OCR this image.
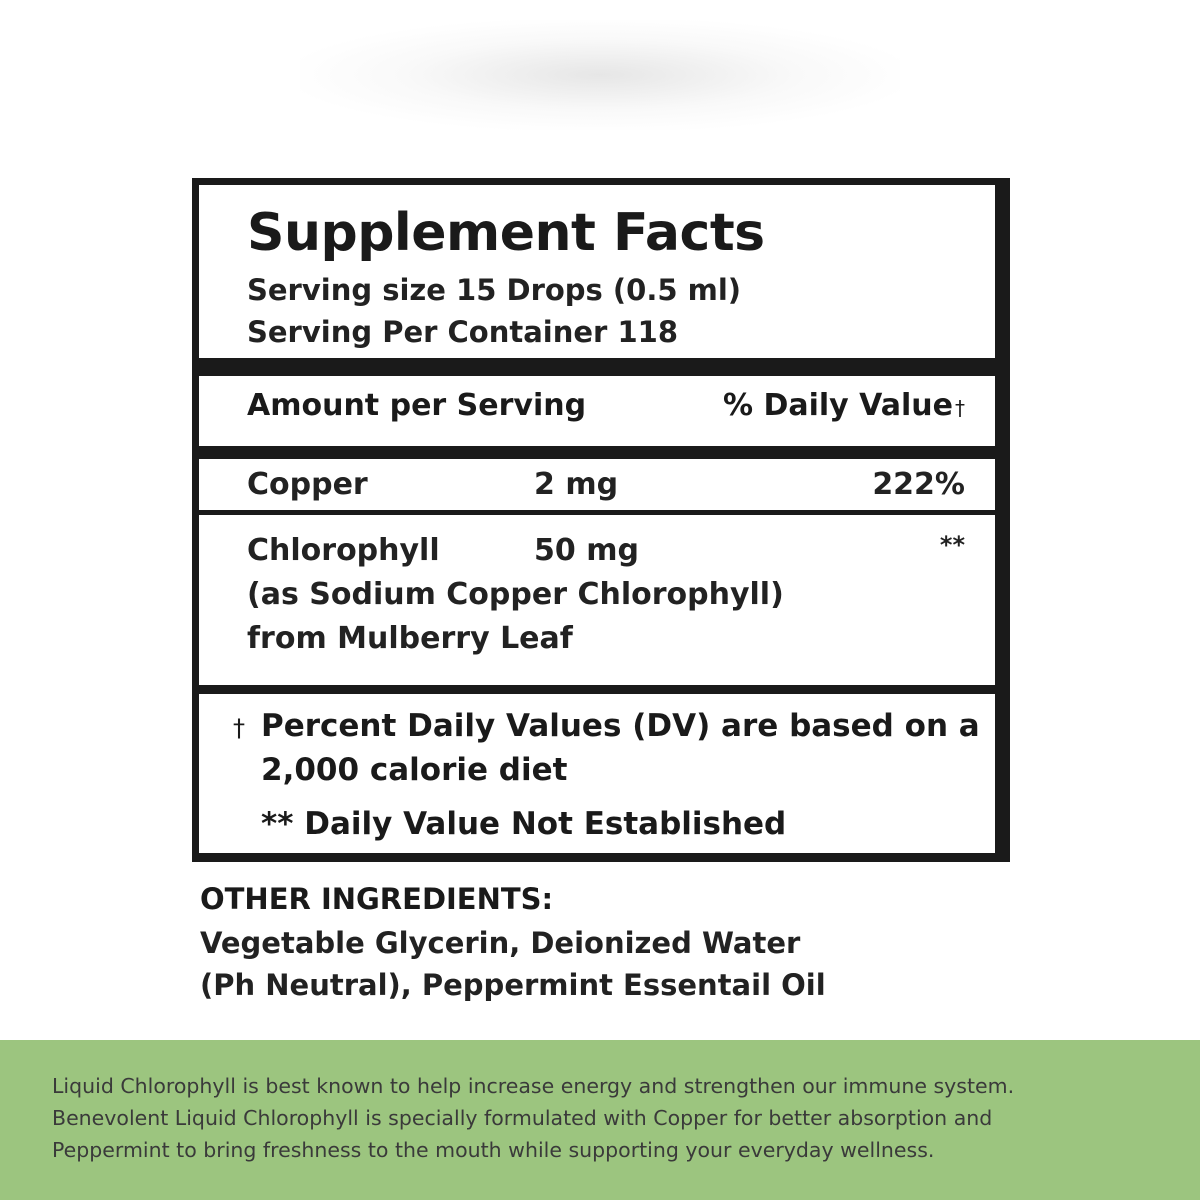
Supplement Facts
Serving size 15 Drops (0.5 ml)
Serving Per Container 118
Amount per Serving	% Daily Value †
Copper	2 mg	222%
Chlorophyll	50 mg	**
(as Sodium Copper Chlorophyll)
from Mulberry Leaf
† Percent Daily Values (DV) are based on a
2,000 calorie diet
** Daily Value Not Established
OTHER INGREDIENTS:
Vegetable Glycerin, Deionized Water
(Ph Neutral), Peppermint Essentail Oil
Liquid Chlorophyll is best known to help increase energy and strengthen our immune system.
Benevolent Liquid Chlorophyll is specially formulated with Copper for better absorption and
Peppermint to bring freshness to the mouth while supporting your everyday wellness.
